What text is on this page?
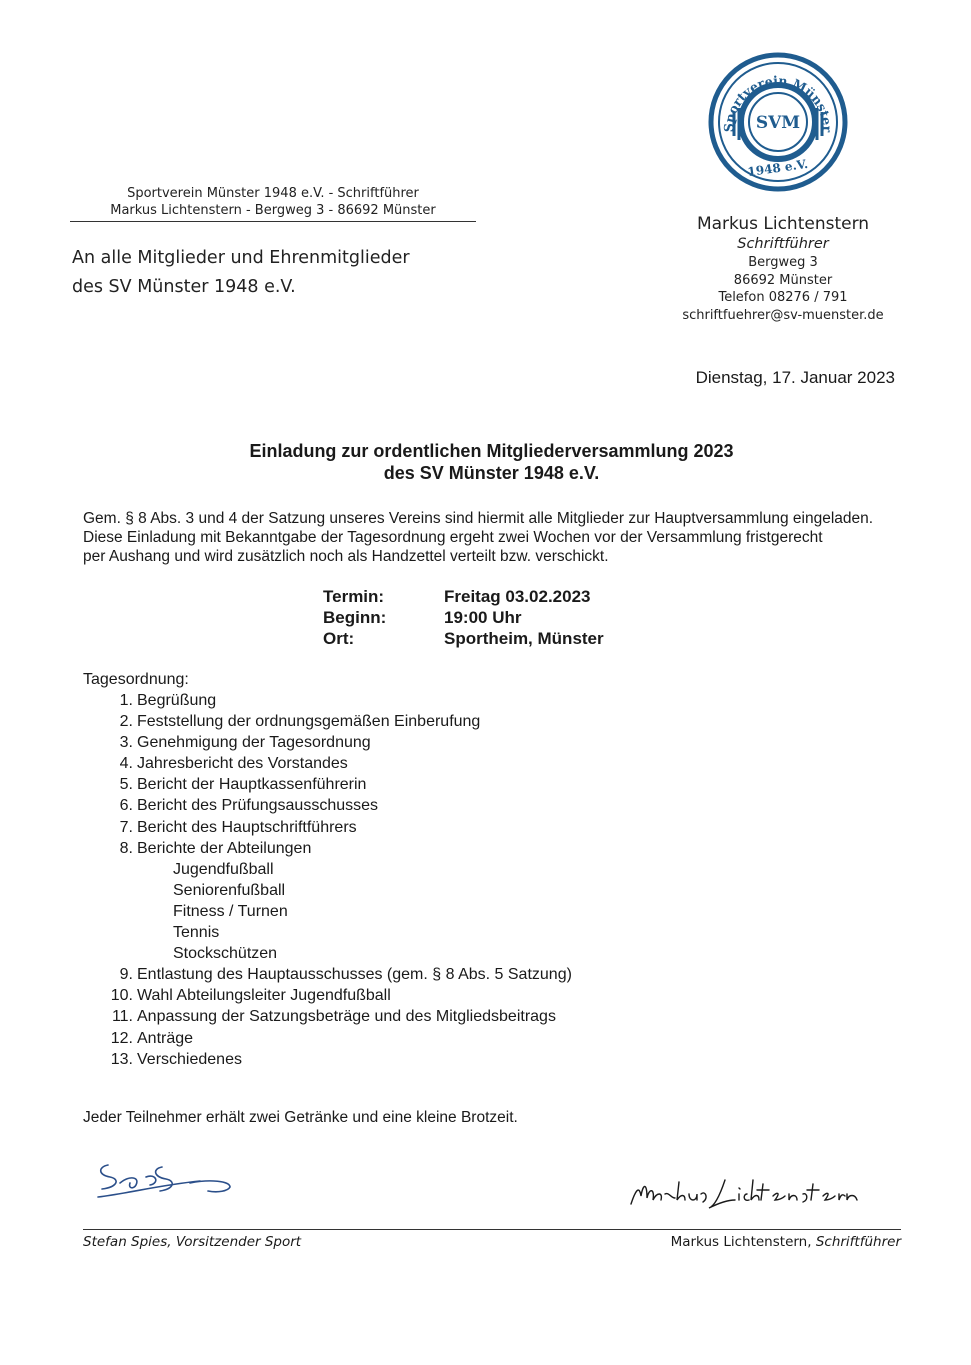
Sportverein Münster 1948 e.V. - Schriftführer
Markus Lichtenstern - Bergweg 3 - 86692 Münster
An alle Mitglieder und Ehrenmitglieder
des SV Münster 1948 e.V.
Sportverein Münster
SVM
1948 e.V.
Markus Lichtenstern
Schriftführer
Bergweg 3
86692 Münster
Telefon 08276 / 791
schriftfuehrer@sv-muenster.de
Dienstag, 17. Januar 2023
Einladung zur ordentlichen Mitgliederversammlung 2023
des SV Münster 1948 e.V.
Gem. § 8 Abs. 3 und 4 der Satzung unseres Vereins sind hiermit alle Mitglieder zur Hauptversammlung eingeladen.
Diese Einladung mit Bekanntgabe der Tagesordnung ergeht zwei Wochen vor der Versammlung fristgerecht
per Aushang und wird zusätzlich noch als Handzettel verteilt bzw. verschickt.
Termin:	Freitag 03.02.2023
Beginn:	19:00 Uhr
Ort:	Sportheim, Münster
Tagesordnung:
1. Begrüßung
2. Feststellung der ordnungsgemäßen Einberufung
3. Genehmigung der Tagesordnung
4. Jahresbericht des Vorstandes
5. Bericht der Hauptkassenführerin
6. Bericht des Prüfungsausschusses
7. Bericht des Hauptschriftführers
8. Berichte der Abteilungen
Jugendfußball
Seniorenfußball
Fitness / Turnen
Tennis
Stockschützen
9. Entlastung des Hauptausschusses (gem. § 8 Abs. 5 Satzung)
10. Wahl Abteilungsleiter Jugendfußball
11. Anpassung der Satzungsbeträge und des Mitgliedsbeitrags
12. Anträge
13. Verschiedenes
Jeder Teilnehmer erhält zwei Getränke und eine kleine Brotzeit.
Stefan Spies, Vorsitzender Sport	Markus Lichtenstern, Schriftführer
